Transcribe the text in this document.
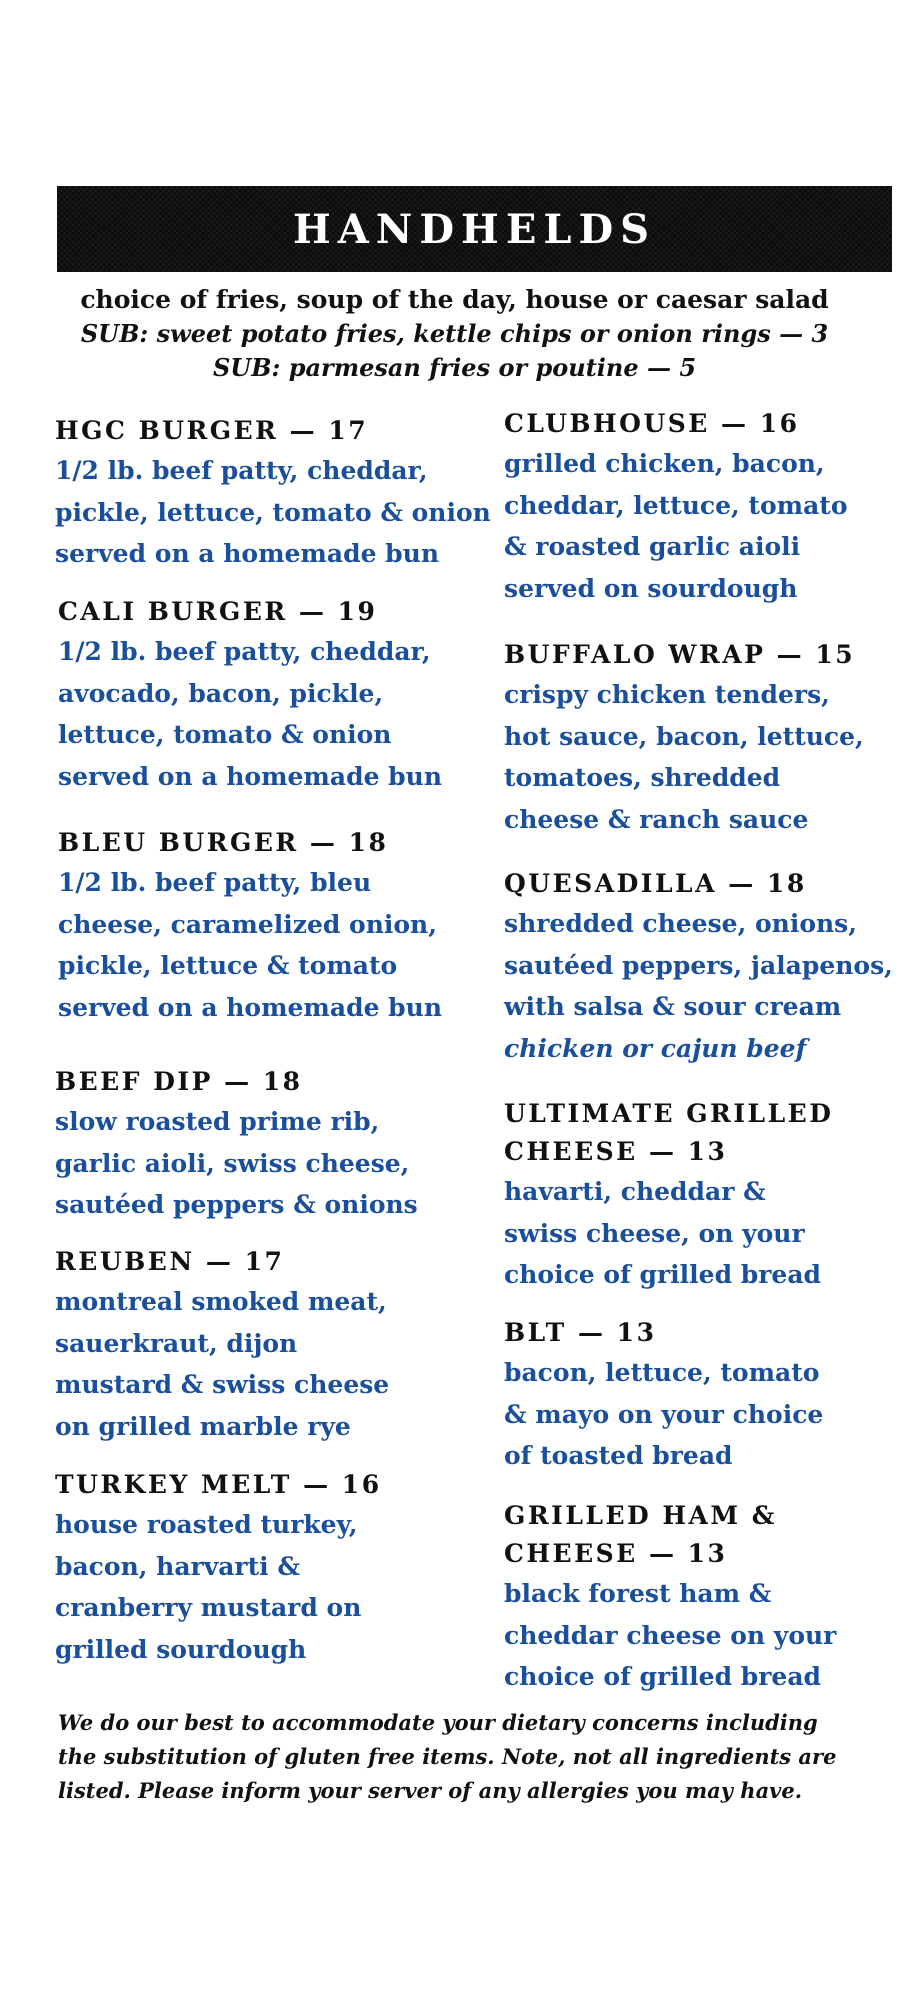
HANDHELDS
choice of fries, soup of the day, house or caesar salad
SUB: sweet potato fries, kettle chips or onion rings — 3
SUB: parmesan fries or poutine — 5
HGC BURGER — 17
1/2 lb. beef patty, cheddar,
pickle, lettuce, tomato & onion
served on a homemade bun
CALI BURGER — 19
1/2 lb. beef patty, cheddar,
avocado, bacon, pickle,
lettuce, tomato & onion
served on a homemade bun
BLEU BURGER — 18
1/2 lb. beef patty, bleu
cheese, caramelized onion,
pickle, lettuce & tomato
served on a homemade bun
BEEF DIP — 18
slow roasted prime rib,
garlic aioli, swiss cheese,
sautéed peppers & onions
REUBEN — 17
montreal smoked meat,
sauerkraut, dijon
mustard & swiss cheese
on grilled marble rye
TURKEY MELT — 16
house roasted turkey,
bacon, harvarti &
cranberry mustard on
grilled sourdough
CLUBHOUSE — 16
grilled chicken, bacon,
cheddar, lettuce, tomato
& roasted garlic aioli
served on sourdough
BUFFALO WRAP — 15
crispy chicken tenders,
hot sauce, bacon, lettuce,
tomatoes, shredded
cheese & ranch sauce
QUESADILLA — 18
shredded cheese, onions,
sautéed peppers, jalapenos,
with salsa & sour cream
chicken or cajun beef
ULTIMATE GRILLED
CHEESE — 13
havarti, cheddar &
swiss cheese, on your
choice of grilled bread
BLT — 13
bacon, lettuce, tomato
& mayo on your choice
of toasted bread
GRILLED HAM &
CHEESE — 13
black forest ham &
cheddar cheese on your
choice of grilled bread
We do our best to accommodate your dietary concerns including
the substitution of gluten free items. Note, not all ingredients are
listed. Please inform your server of any allergies you may have.
